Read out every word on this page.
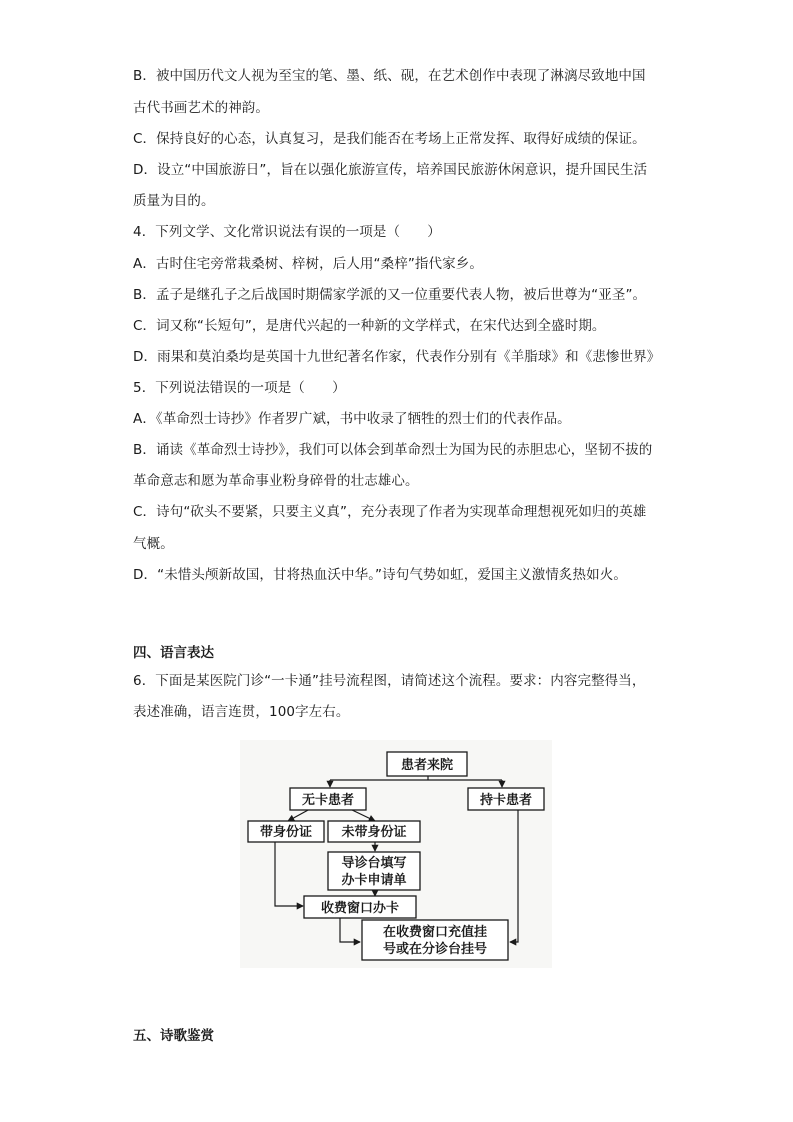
B．被中国历代文人视为至宝的笔、墨、纸、砚，在艺术创作中表现了淋漓尽致地中国
古代书画艺术的神韵。
C．保持良好的心态，认真复习，是我们能否在考场上正常发挥、取得好成绩的保证。
D．设立“中国旅游日”，旨在以强化旅游宣传，培养国民旅游休闲意识，提升国民生活
质量为目的。
4．下列文学、文化常识说法有误的一项是（　　）
A．古时住宅旁常栽桑树、梓树，后人用“桑梓”指代家乡。
B．孟子是继孔子之后战国时期儒家学派的又一位重要代表人物，被后世尊为“亚圣”。
C．词又称“长短句”，是唐代兴起的一种新的文学样式，在宋代达到全盛时期。
D．雨果和莫泊桑均是英国十九世纪著名作家，代表作分别有《羊脂球》和《悲惨世界》
5．下列说法错误的一项是（　　）
A．《革命烈士诗抄》作者罗广斌，书中收录了牺牲的烈士们的代表作品。
B．诵读《革命烈士诗抄》，我们可以体会到革命烈士为国为民的赤胆忠心，坚韧不拔的
革命意志和愿为革命事业粉身碎骨的壮志雄心。
C．诗句“砍头不要紧，只要主义真”，充分表现了作者为实现革命理想视死如归的英雄
气概。
D．“未惜头颅新故国，甘将热血沃中华。”诗句气势如虹，爱国主义激情炙热如火。
四、语言表达
6．下面是某医院门诊“一卡通”挂号流程图，请简述这个流程。要求：内容完整得当，
表述准确，语言连贯，100字左右。
患者来院
无卡患者	持卡患者
带身份证 未带身份证
导诊台填写
办卡申请单
收费窗口办卡
在收费窗口充值挂
号或在分诊台挂号
五、诗歌鉴赏
